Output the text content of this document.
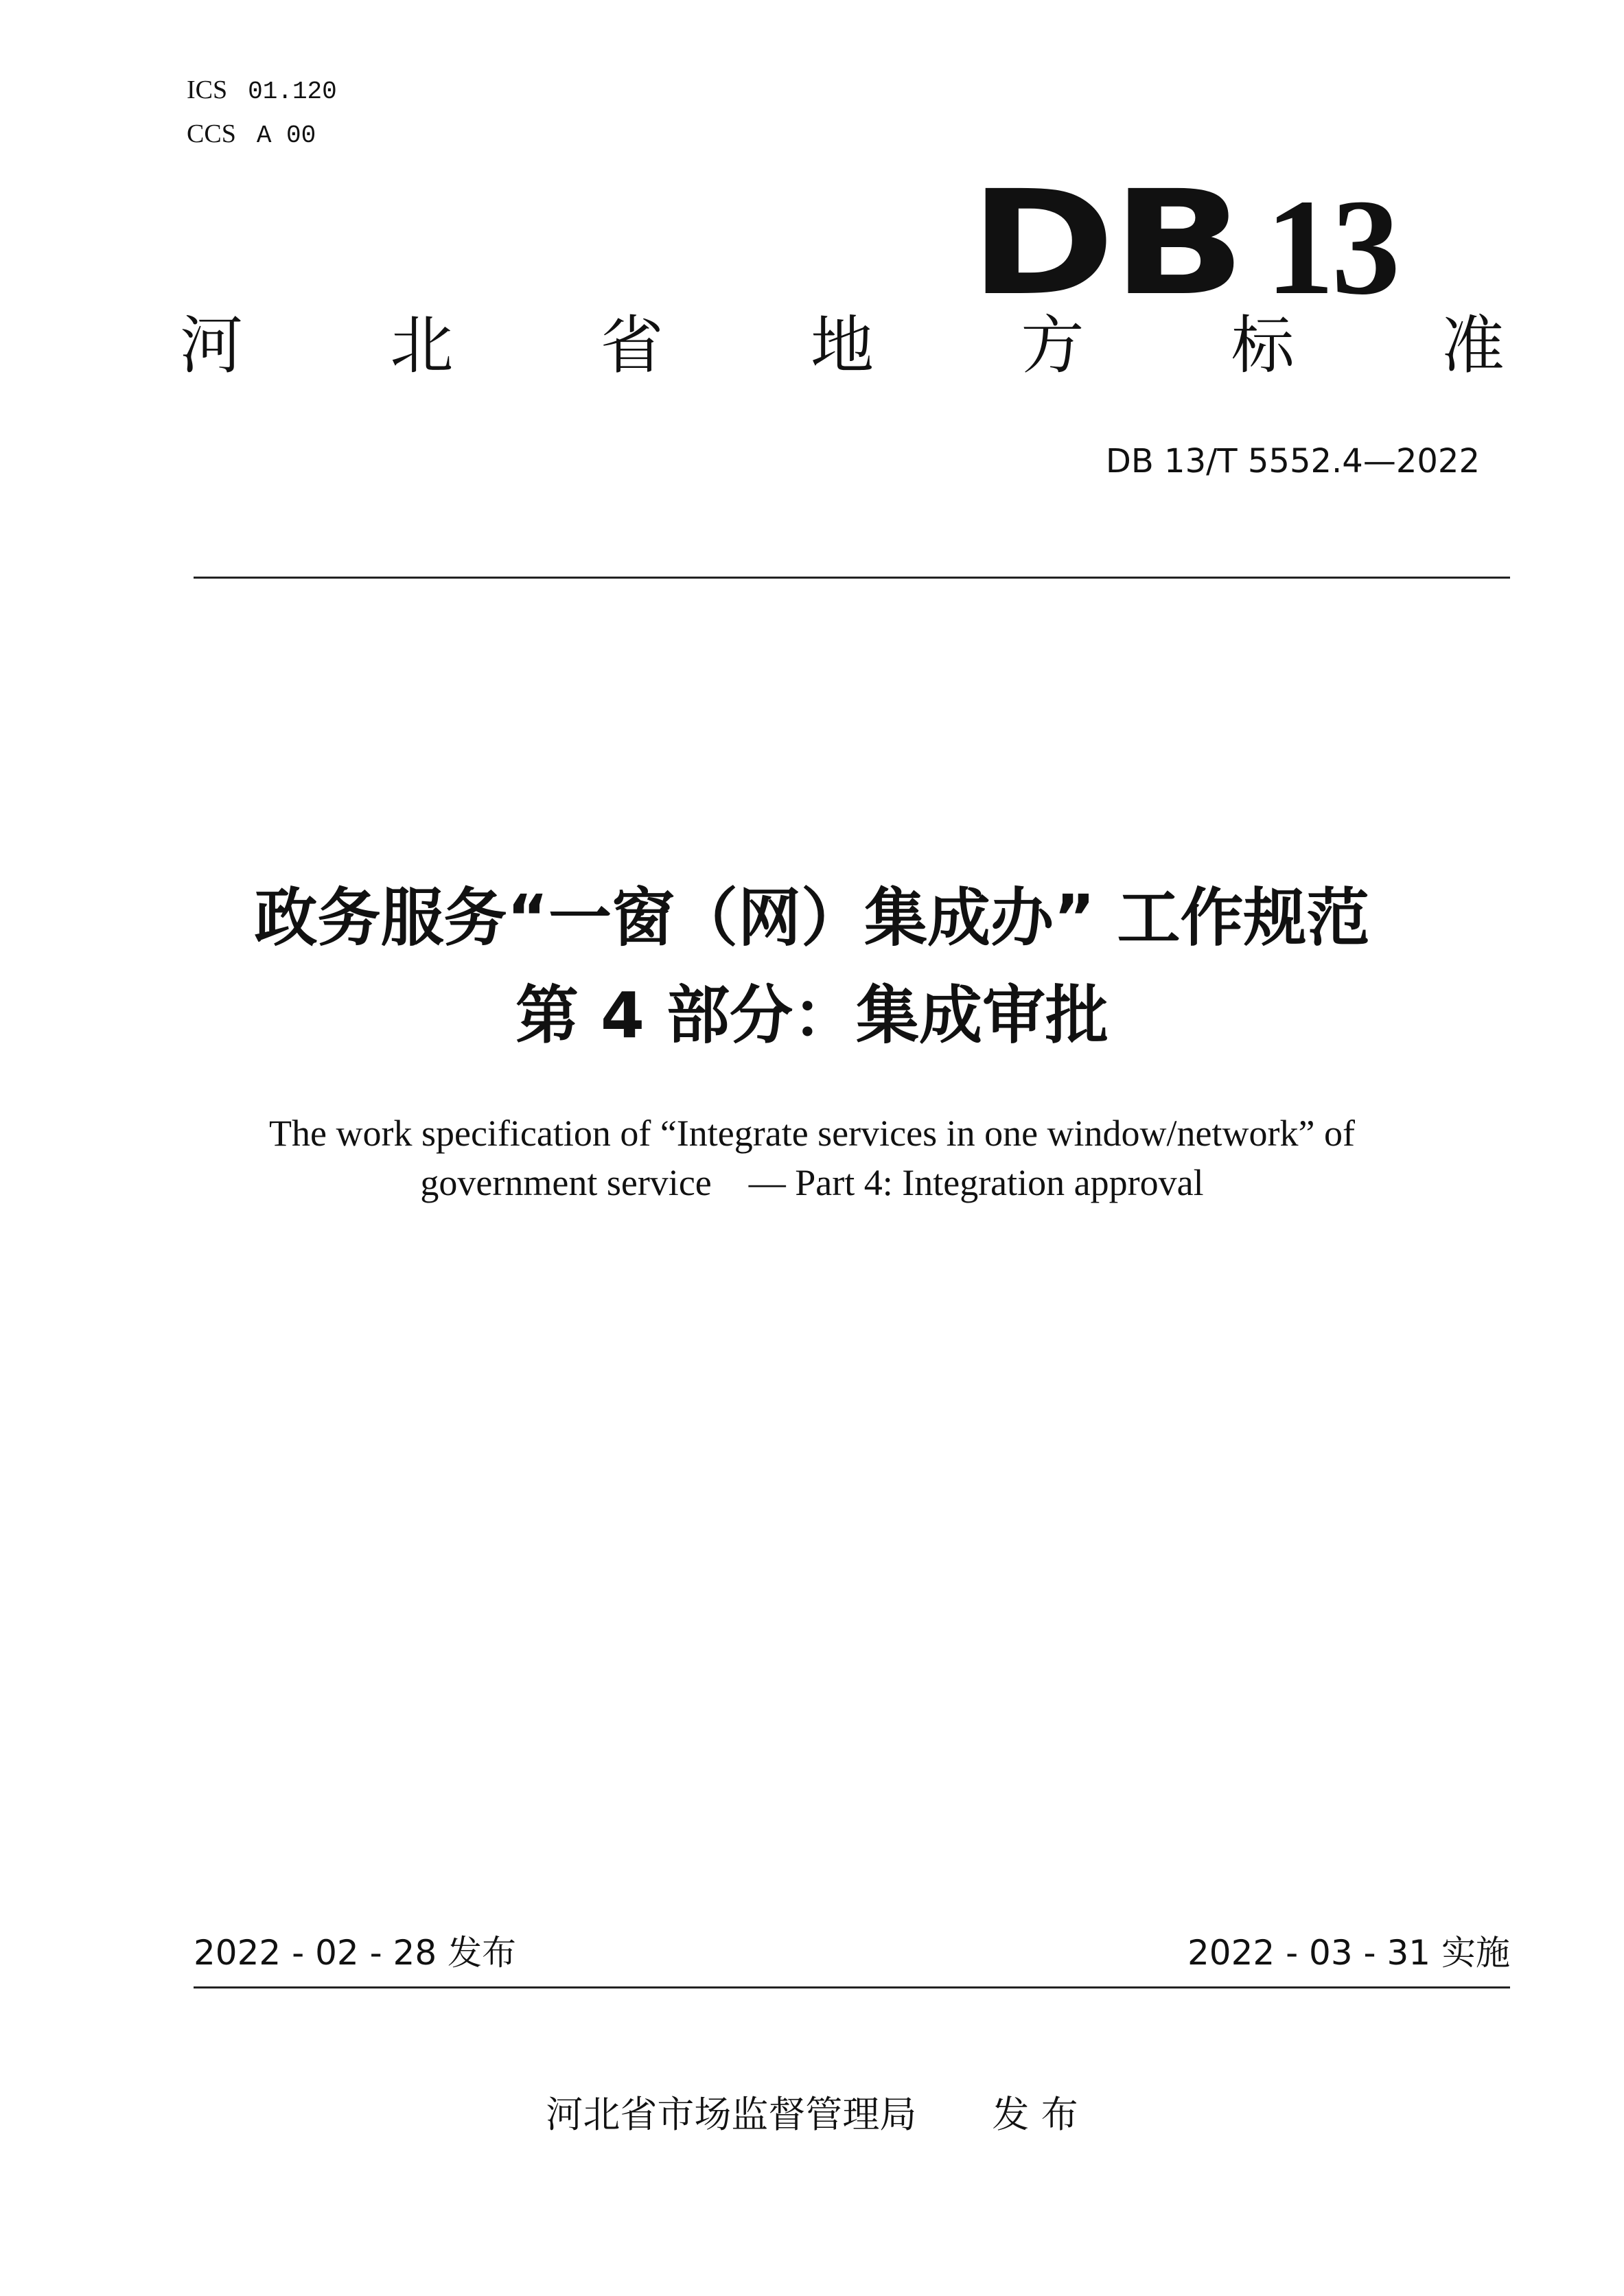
ICS 01.120
CCS A 00
DB 13
河 北 省 地 方 标 准
DB 13/T 5552.4—2022
政务服务“一窗（网）集成办” 工作规范
第 4 部分：集成审批
The work specification of “Integrate services in one window/network” of
government service    — Part 4: Integration approval
2022 - 02 - 28 发布	2022 - 03 - 31 实施
河北省市场监督管理局 发 布
